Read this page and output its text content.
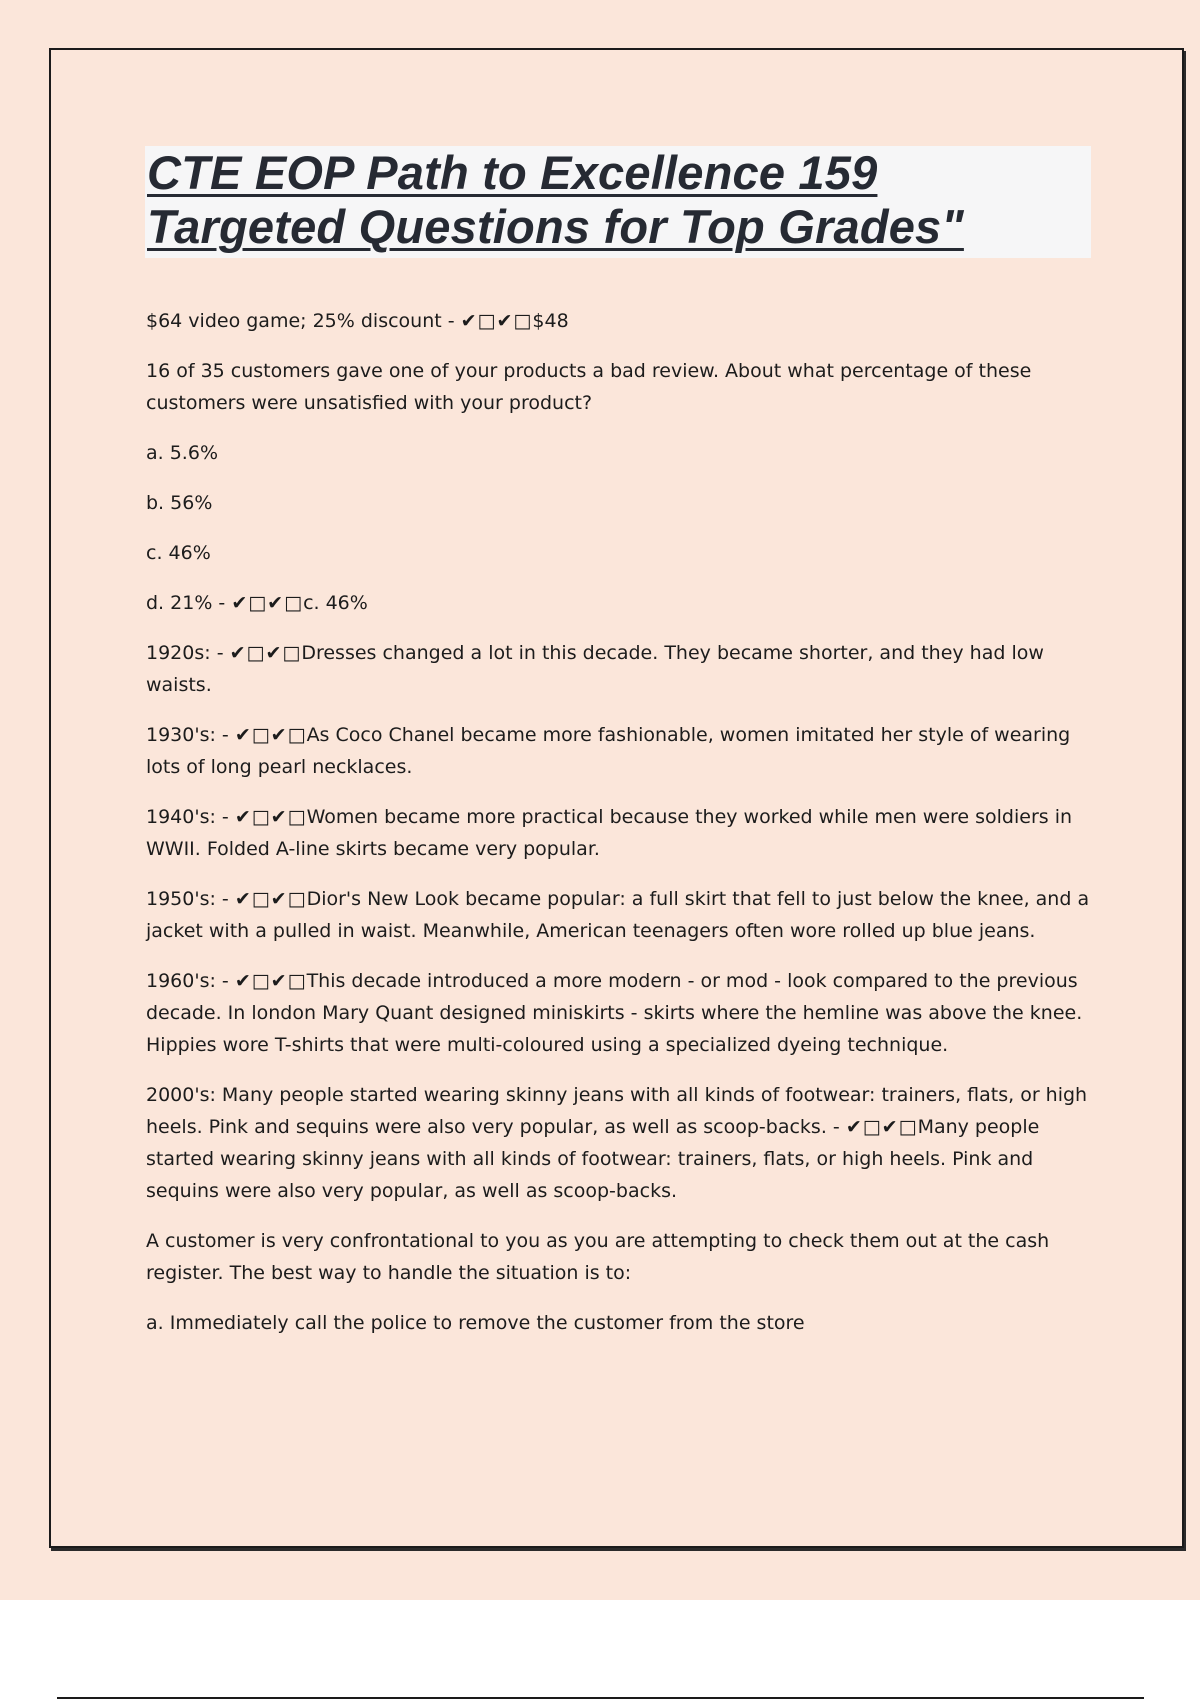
CTE EOP Path to Excellence 159
Targeted Questions for Top Grades"

$64 video game; 25% discount - ✔□✔□$48

16 of 35 customers gave one of your products a bad review. About what percentage of these customers were unsatisfied with your product?

a. 5.6%

b. 56%

c. 46%

d. 21% - ✔□✔□c. 46%

1920s: - ✔□✔□Dresses changed a lot in this decade. They became shorter, and they had low waists.

1930's: - ✔□✔□As Coco Chanel became more fashionable, women imitated her style of wearing lots of long pearl necklaces.

1940's: - ✔□✔□Women became more practical because they worked while men were soldiers in WWII. Folded A-line skirts became very popular.

1950's: - ✔□✔□Dior's New Look became popular: a full skirt that fell to just below the knee, and a jacket with a pulled in waist. Meanwhile, American teenagers often wore rolled up blue jeans.

1960's: - ✔□✔□This decade introduced a more modern - or mod - look compared to the previous decade. In london Mary Quant designed miniskirts - skirts where the hemline was above the knee. Hippies wore T-shirts that were multi-coloured using a specialized dyeing technique.

2000's: Many people started wearing skinny jeans with all kinds of footwear: trainers, flats, or high heels. Pink and sequins were also very popular, as well as scoop-backs. - ✔□✔□Many people started wearing skinny jeans with all kinds of footwear: trainers, flats, or high heels. Pink and sequins were also very popular, as well as scoop-backs.

A customer is very confrontational to you as you are attempting to check them out at the cash register. The best way to handle the situation is to:

a. Immediately call the police to remove the customer from the store
